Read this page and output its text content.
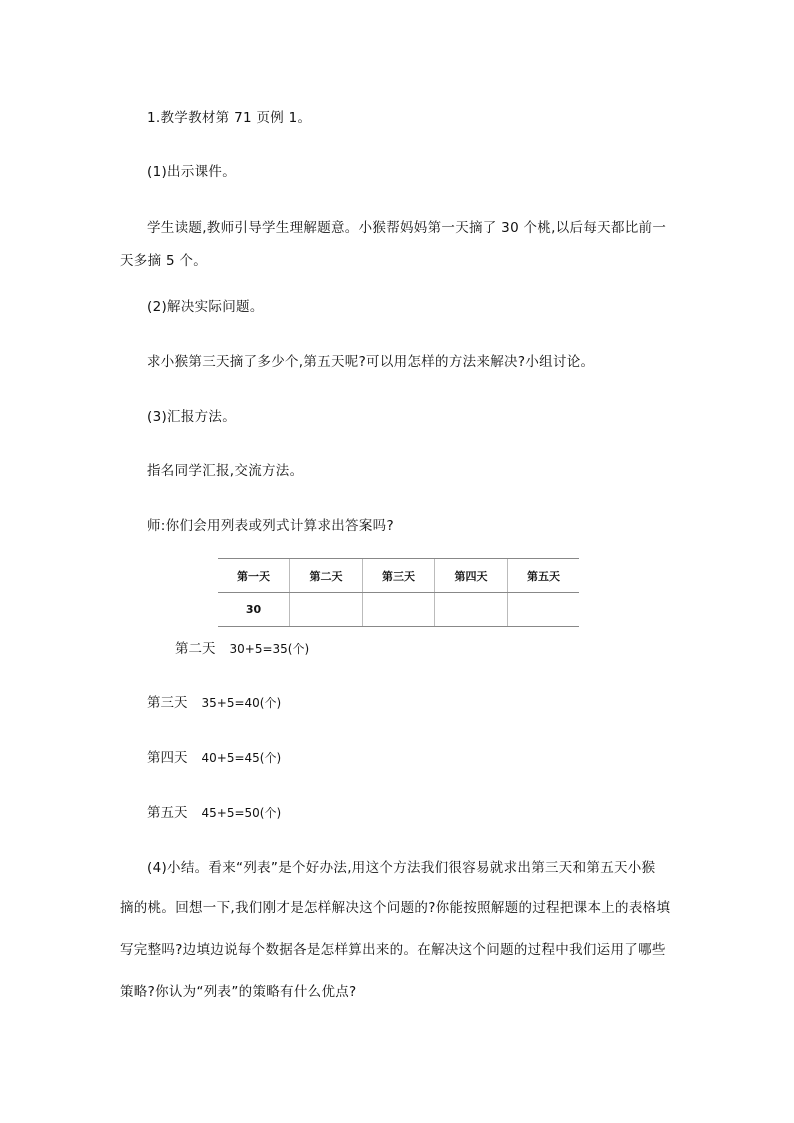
1.教学教材第 71 页例 1。
(1)出示课件。
学生读题,教师引导学生理解题意。小猴帮妈妈第一天摘了 30 个桃,以后每天都比前一
天多摘 5 个。
(2)解决实际问题。
求小猴第三天摘了多少个,第五天呢?可以用怎样的方法来解决?小组讨论。
(3)汇报方法。
指名同学汇报,交流方法。
师:你们会用列表或列式计算求出答案吗?
第一天	第二天	第三天	第四天	第五天
30				
第二天 30+5=35(个)
第三天 35+5=40(个)
第四天 40+5=45(个)
第五天 45+5=50(个)
(4)小结。看来“列表”是个好办法,用这个方法我们很容易就求出第三天和第五天小猴
摘的桃。回想一下,我们刚才是怎样解决这个问题的?你能按照解题的过程把课本上的表格填
写完整吗?边填边说每个数据各是怎样算出来的。在解决这个问题的过程中我们运用了哪些
策略?你认为“列表”的策略有什么优点?
